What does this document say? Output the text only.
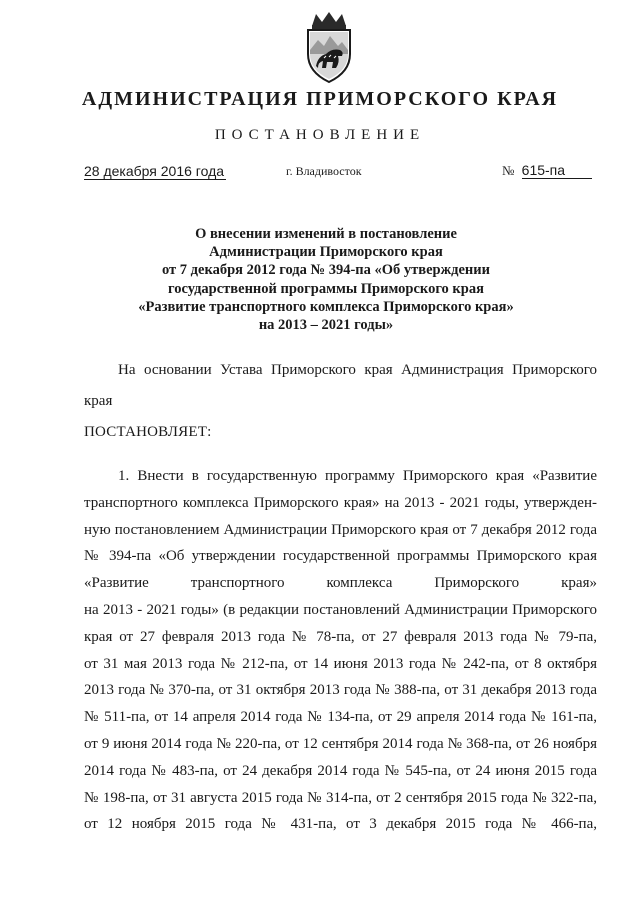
АДМИНИСТРАЦИЯ ПРИМОРСКОГО КРАЯ
ПОСТАНОВЛЕНИЕ
28 декабря 2016 года	г. Владивосток	№ 615-па
О внесении изменений в постановление
Администрации Приморского края
от 7 декабря 2012 года № 394-па «Об утверждении
государственной программы Приморского края
«Развитие транспортного комплекса Приморского края»
на 2013 – 2021 годы»
На основании Устава Приморского края Администрация Приморского края
ПОСТАНОВЛЯЕТ:
1. Внести в государственную программу Приморского края «Развитие
транспортного комплекса Приморского края» на 2013 - 2021 годы, утвержден-
ную постановлением Администрации Приморского края от 7 декабря 2012 года
№ 394-па «Об утверждении государственной программы Приморского края
«Развитие транспортного комплекса Приморского края»
на 2013 - 2021 годы» (в редакции постановлений Администрации Приморского
края от 27 февраля 2013 года № 78-па, от 27 февраля 2013 года № 79-па,
от 31 мая 2013 года № 212-па, от 14 июня 2013 года № 242-па, от 8 октября
2013 года № 370-па, от 31 октября 2013 года № 388-па, от 31 декабря 2013 года
№ 511-па, от 14 апреля 2014 года № 134-па, от 29 апреля 2014 года № 161-па,
от 9 июня 2014 года № 220-па, от 12 сентября 2014 года № 368-па, от 26 ноября
2014 года № 483-па, от 24 декабря 2014 года № 545-па, от 24 июня 2015 года
№ 198-па, от 31 августа 2015 года № 314-па, от 2 сентября 2015 года № 322-па,
от 12 ноября 2015 года № 431-па, от 3 декабря 2015 года № 466-па,
